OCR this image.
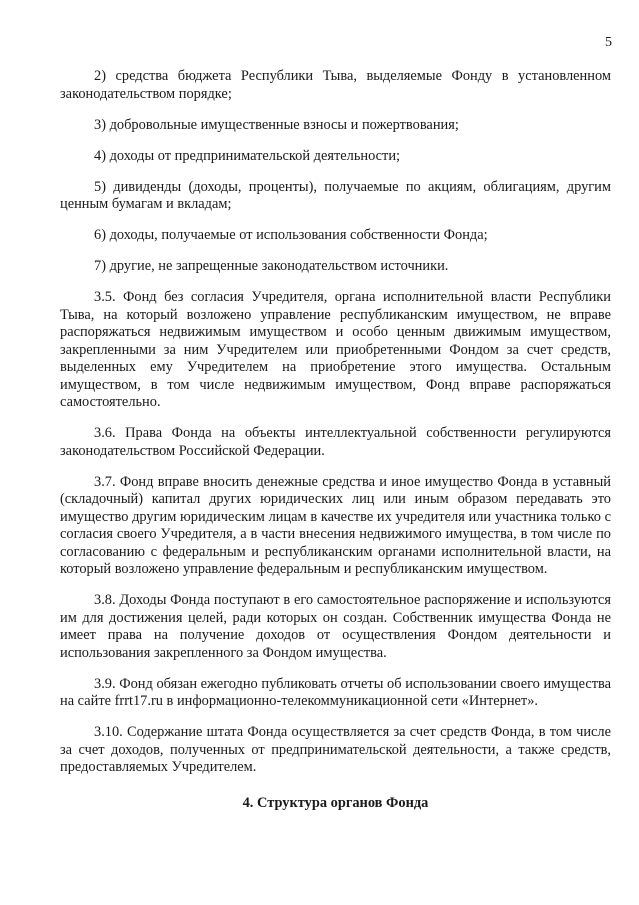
5

2) средства бюджета Республики Тыва, выделяемые Фонду в установленном законодательством порядке;

3) добровольные имущественные взносы и пожертвования;

4) доходы от предпринимательской деятельности;

5) дивиденды (доходы, проценты), получаемые по акциям, облигациям, другим ценным бумагам и вкладам;

6) доходы, получаемые от использования собственности Фонда;

7) другие, не запрещенные законодательством источники.

3.5. Фонд без согласия Учредителя, органа исполнительной власти Республики Тыва, на который возложено управление республиканским имуществом, не вправе распоряжаться недвижимым имуществом и особо ценным движимым имуществом, закрепленными за ним Учредителем или приобретенными Фондом за счет средств, выделенных ему Учредителем на приобретение этого имущества. Остальным имуществом, в том числе недвижимым имуществом, Фонд вправе распоряжаться самостоятельно.

3.6. Права Фонда на объекты интеллектуальной собственности регулируются законодательством Российской Федерации.

3.7. Фонд вправе вносить денежные средства и иное имущество Фонда в уставный (складочный) капитал других юридических лиц или иным образом передавать это имущество другим юридическим лицам в качестве их учредителя или участника только с согласия своего Учредителя, а в части внесения недвижимого имущества, в том числе по согласованию с федеральным и республиканским органами исполнительной власти, на который возложено управление федеральным и республиканским имуществом.

3.8. Доходы Фонда поступают в его самостоятельное распоряжение и используются им для достижения целей, ради которых он создан. Собственник имущества Фонда не имеет права на получение доходов от осуществления Фондом деятельности и использования закрепленного за Фондом имущества.

3.9. Фонд обязан ежегодно публиковать отчеты об использовании своего имущества на сайте frrt17.ru в информационно-телекоммуникационной сети «Интернет».

3.10. Содержание штата Фонда осуществляется за счет средств Фонда, в том числе за счет доходов, полученных от предпринимательской деятельности, а также средств, предоставляемых Учредителем.

4. Структура органов Фонда
